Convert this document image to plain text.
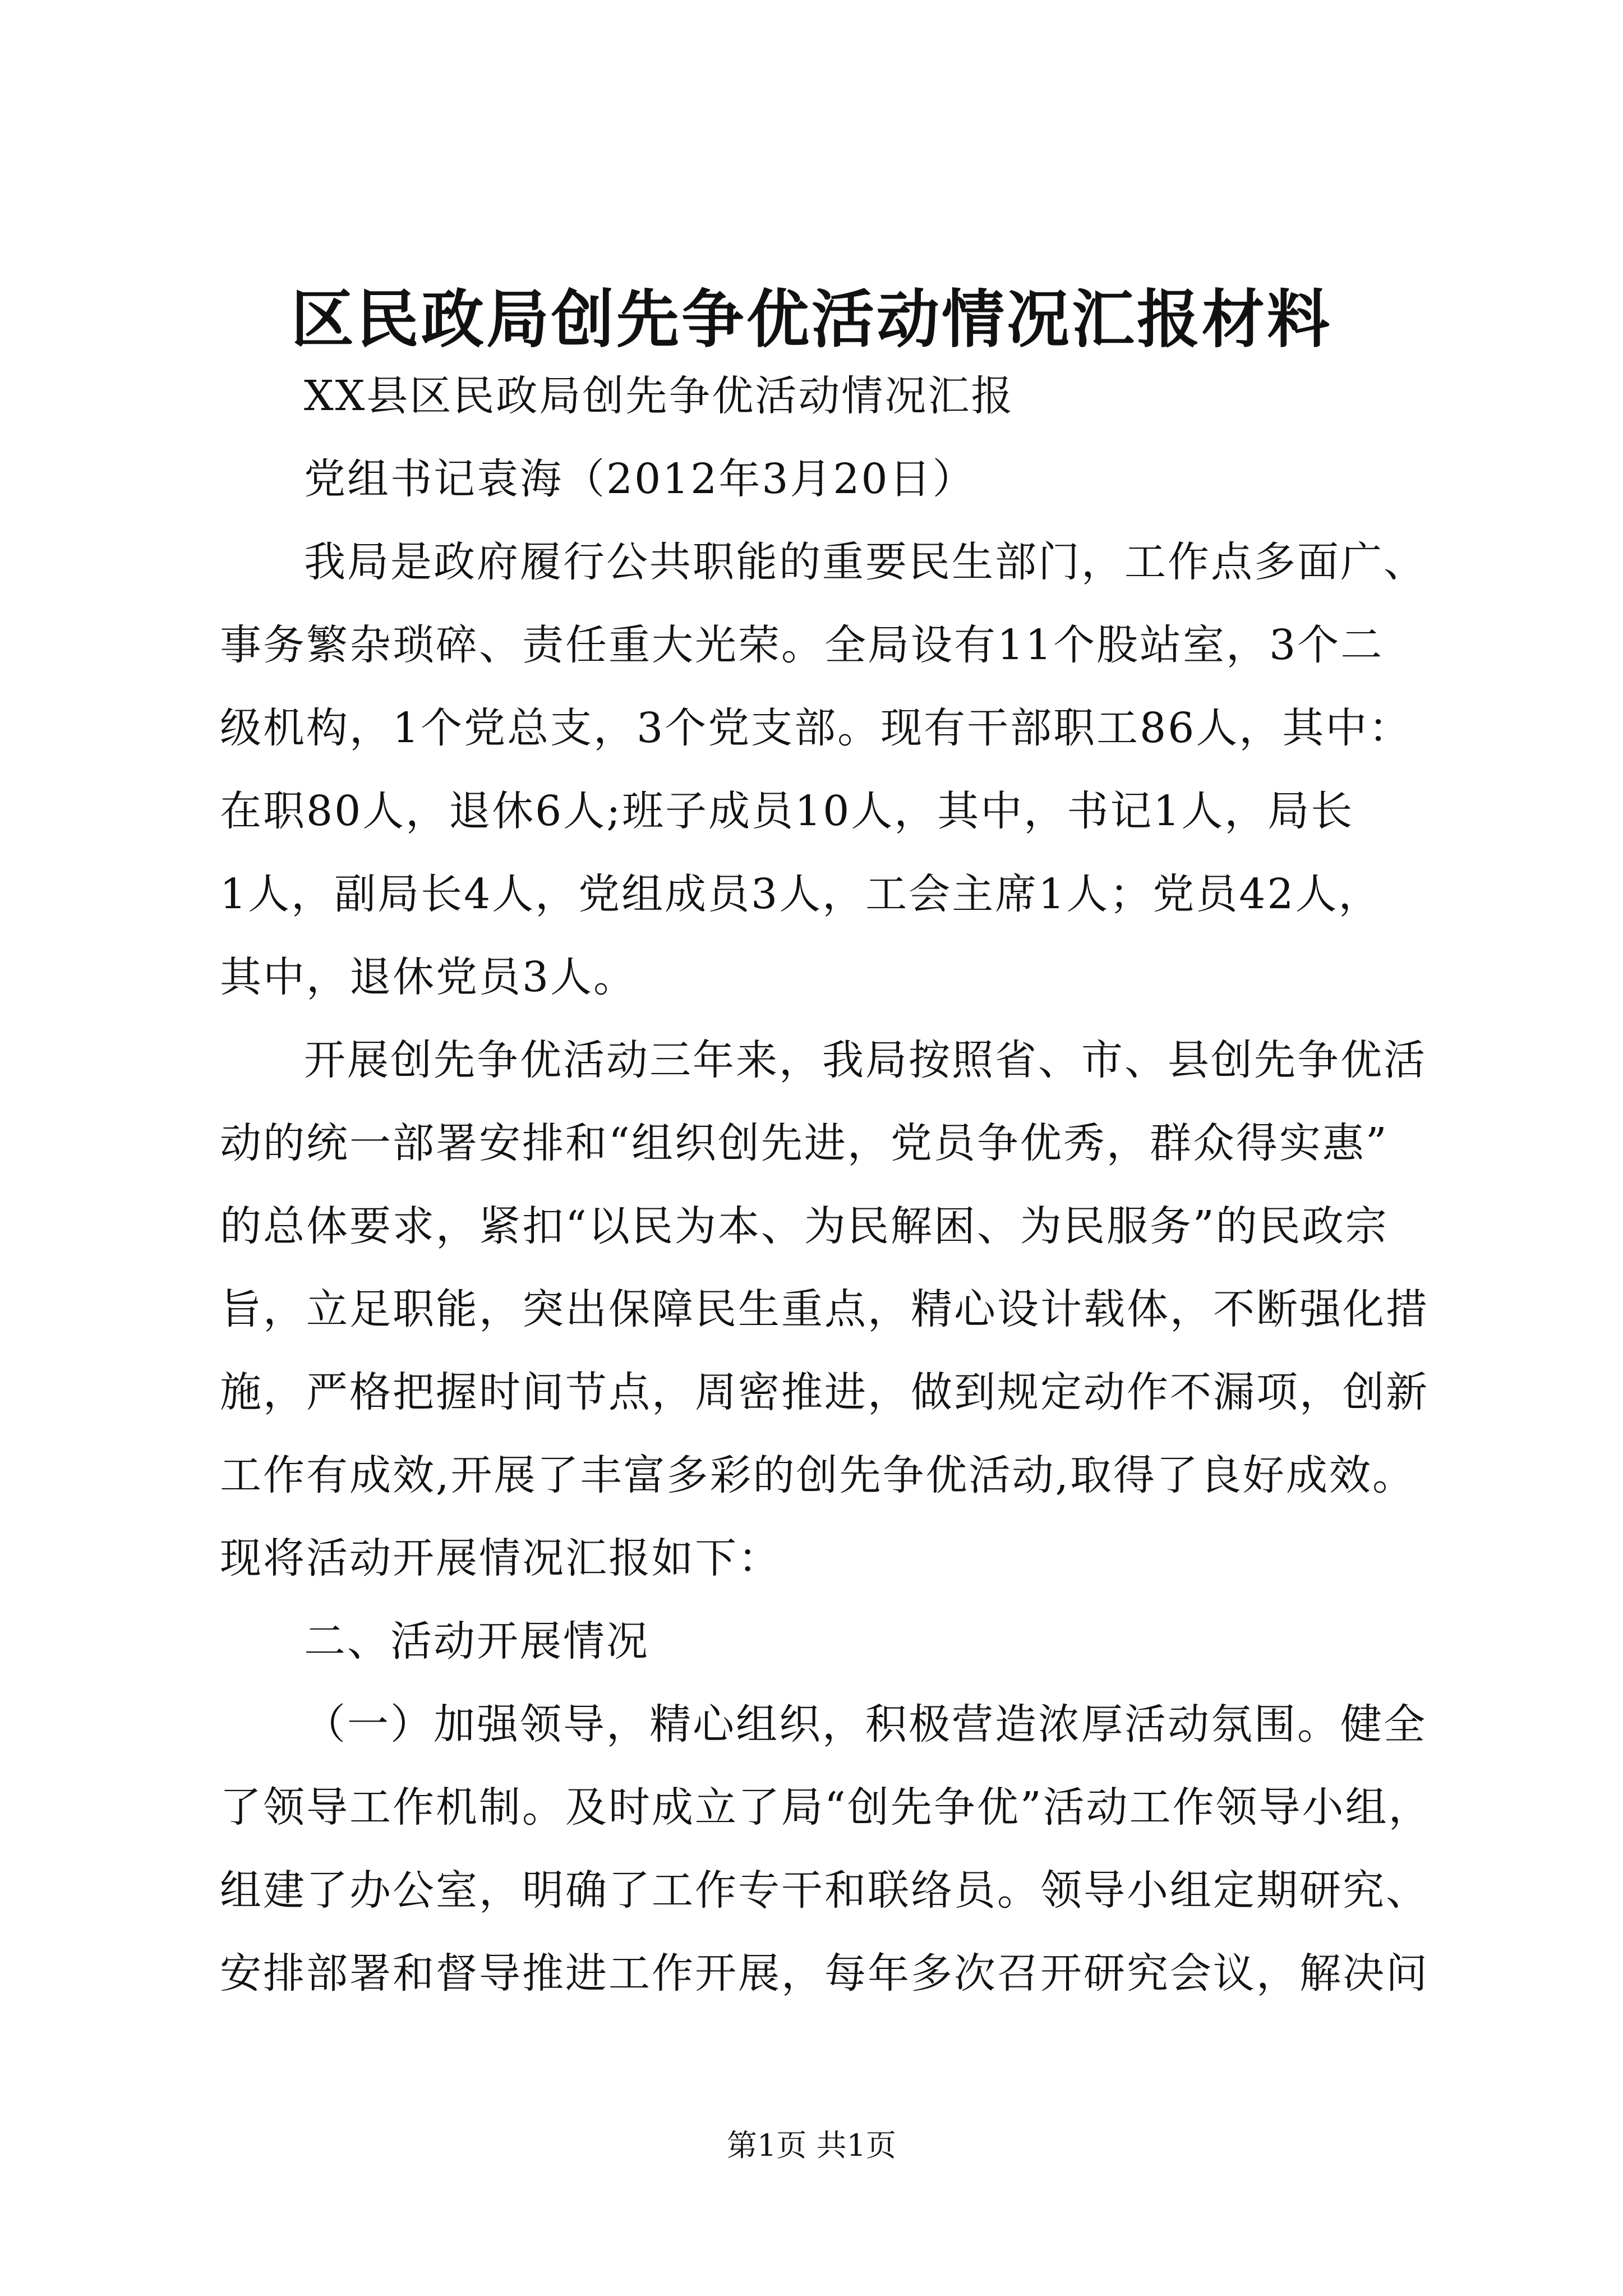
区民政局创先争优活动情况汇报材料
XX县区民政局创先争优活动情况汇报
党组书记袁海（2012年3月20日）
我局是政府履行公共职能的重要民生部门，工作点多面广、
事务繁杂琐碎、责任重大光荣。全局设有11个股站室，3个二
级机构，1个党总支，3个党支部。现有干部职工86人，其中：
在职80人，退休6人;班子成员10人，其中，书记1人，局长
1人，副局长4人，党组成员3人，工会主席1人；党员42人，
其中，退休党员3人。
开展创先争优活动三年来，我局按照省、市、县创先争优活
动的统一部署安排和“组织创先进，党员争优秀，群众得实惠”
的总体要求，紧扣“以民为本、为民解困、为民服务”的民政宗
旨，立足职能，突出保障民生重点，精心设计载体，不断强化措
施，严格把握时间节点，周密推进，做到规定动作不漏项，创新
工作有成效,开展了丰富多彩的创先争优活动,取得了良好成效。
现将活动开展情况汇报如下：
二、活动开展情况
（一）加强领导，精心组织，积极营造浓厚活动氛围。健全
了领导工作机制。及时成立了局“创先争优”活动工作领导小组，
组建了办公室，明确了工作专干和联络员。领导小组定期研究、
安排部署和督导推进工作开展，每年多次召开研究会议，解决问
第1页 共1页
